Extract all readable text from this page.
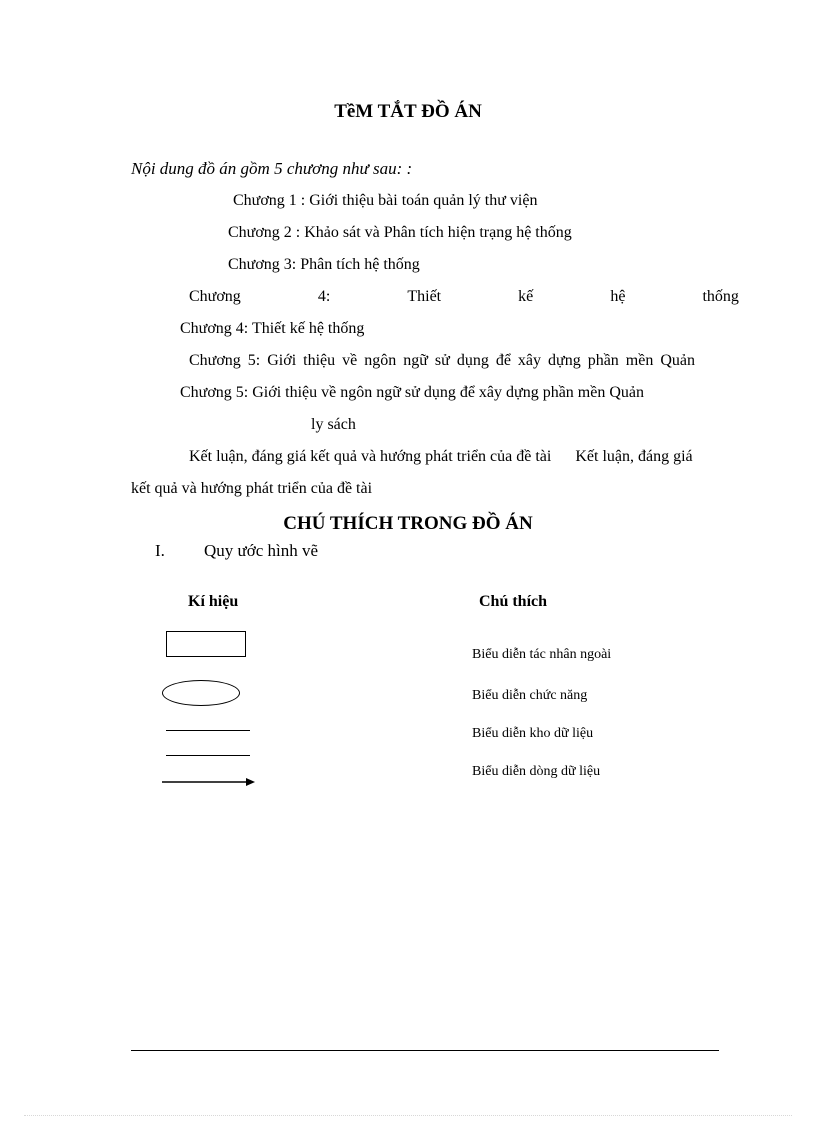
TềM TẮT ĐỒ ÁN
Nội dung đồ án gồm 5 chương như sau: :
Chương 1 : Giới thiệu bài toán quản lý thư viện
Chương 2 : Khảo sát và Phân tích hiện trạng hệ thống
Chương 3: Phân tích hệ thống
Chương	4:	Thiết	kế	hệ	thống
Chương 4: Thiết kế hệ thống
Chương 5: Giới thiệu về ngôn ngữ sử dụng để xây dựng phần mền Quản
Chương 5: Giới thiệu về ngôn ngữ sử dụng để xây dựng phần mền Quản
ly sách
Kết luận, đáng giá kết quả và hướng phát triển của đề tài      Kết luận, đáng giá
kết quả và hướng phát triển của đề tài
CHÚ THÍCH TRONG ĐỒ ÁN
I. Quy ước hình vẽ
Kí hiệu	Chú thích
Biểu diễn tác nhân ngoài
Biểu diễn chức năng
Biểu diễn kho dữ liệu
Biểu diễn dòng dữ liệu
